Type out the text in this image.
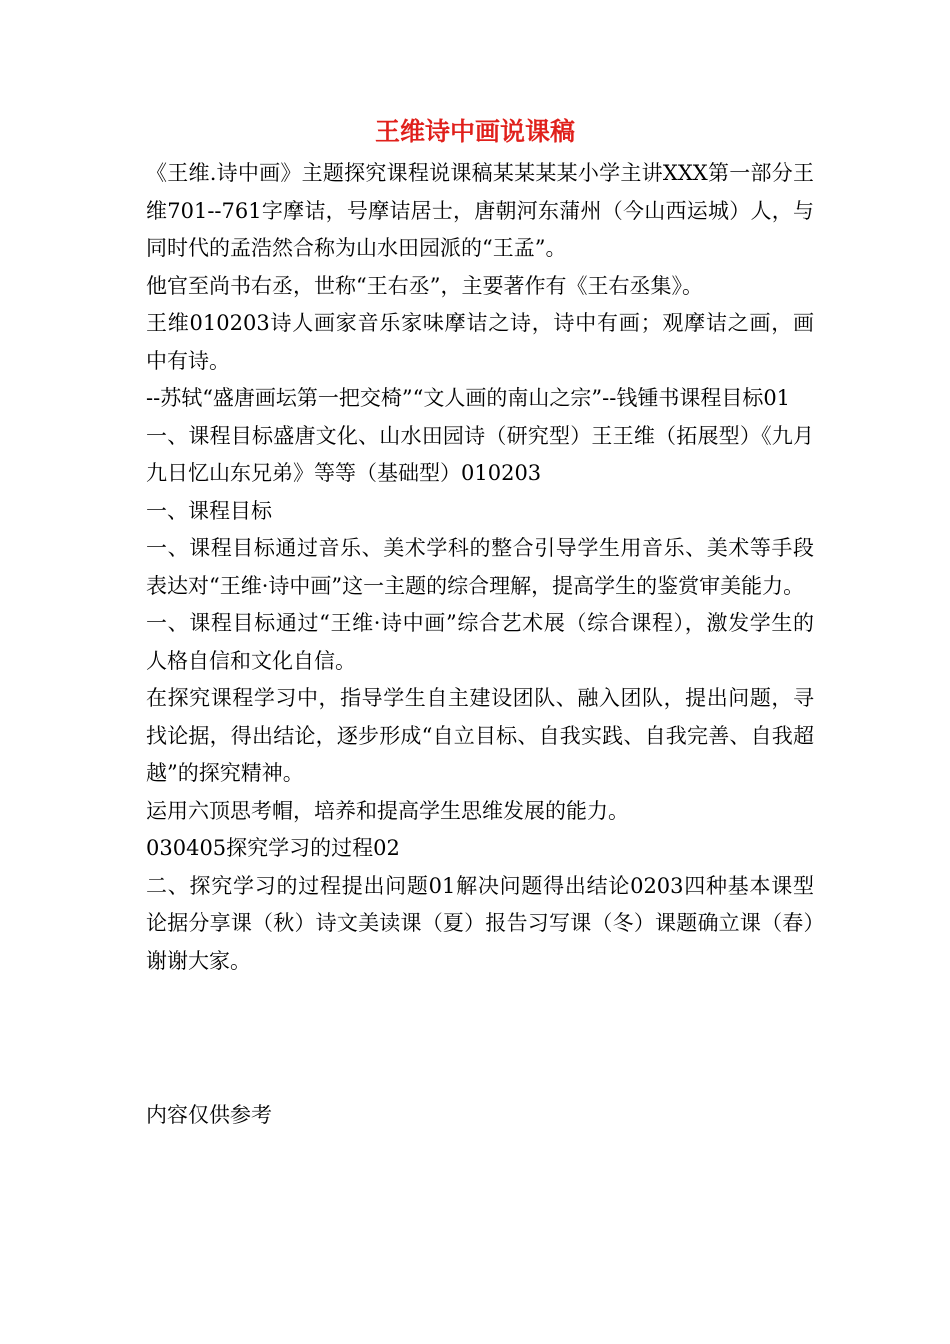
王维诗中画说课稿

《王维.诗中画》主题探究课程说课稿某某某某小学主讲XXX第一部分王维701--761字摩诘，号摩诘居士，唐朝河东蒲州（今山西运城）人，与同时代的孟浩然合称为山水田园派的“王孟”。

他官至尚书右丞，世称“王右丞”，主要著作有《王右丞集》。

王维010203诗人画家音乐家味摩诘之诗，诗中有画；观摩诘之画，画中有诗。

--苏轼“盛唐画坛第一把交椅”“文人画的南山之宗”--钱锺书课程目标01

一、课程目标盛唐文化、山水田园诗（研究型）王王维（拓展型）《九月九日忆山东兄弟》等等（基础型）010203

一、课程目标

一、课程目标通过音乐、美术学科的整合引导学生用音乐、美术等手段表达对“王维·诗中画”这一主题的综合理解，提高学生的鉴赏审美能力。

一、课程目标通过“王维·诗中画”综合艺术展（综合课程），激发学生的人格自信和文化自信。

在探究课程学习中，指导学生自主建设团队、融入团队，提出问题，寻找论据，得出结论，逐步形成“自立目标、自我实践、自我完善、自我超越”的探究精神。

运用六顶思考帽，培养和提高学生思维发展的能力。

030405探究学习的过程02

二、探究学习的过程提出问题01解决问题得出结论0203四种基本课型论据分享课（秋）诗文美读课（夏）报告习写课（冬）课题确立课（春）谢谢大家。

内容仅供参考
